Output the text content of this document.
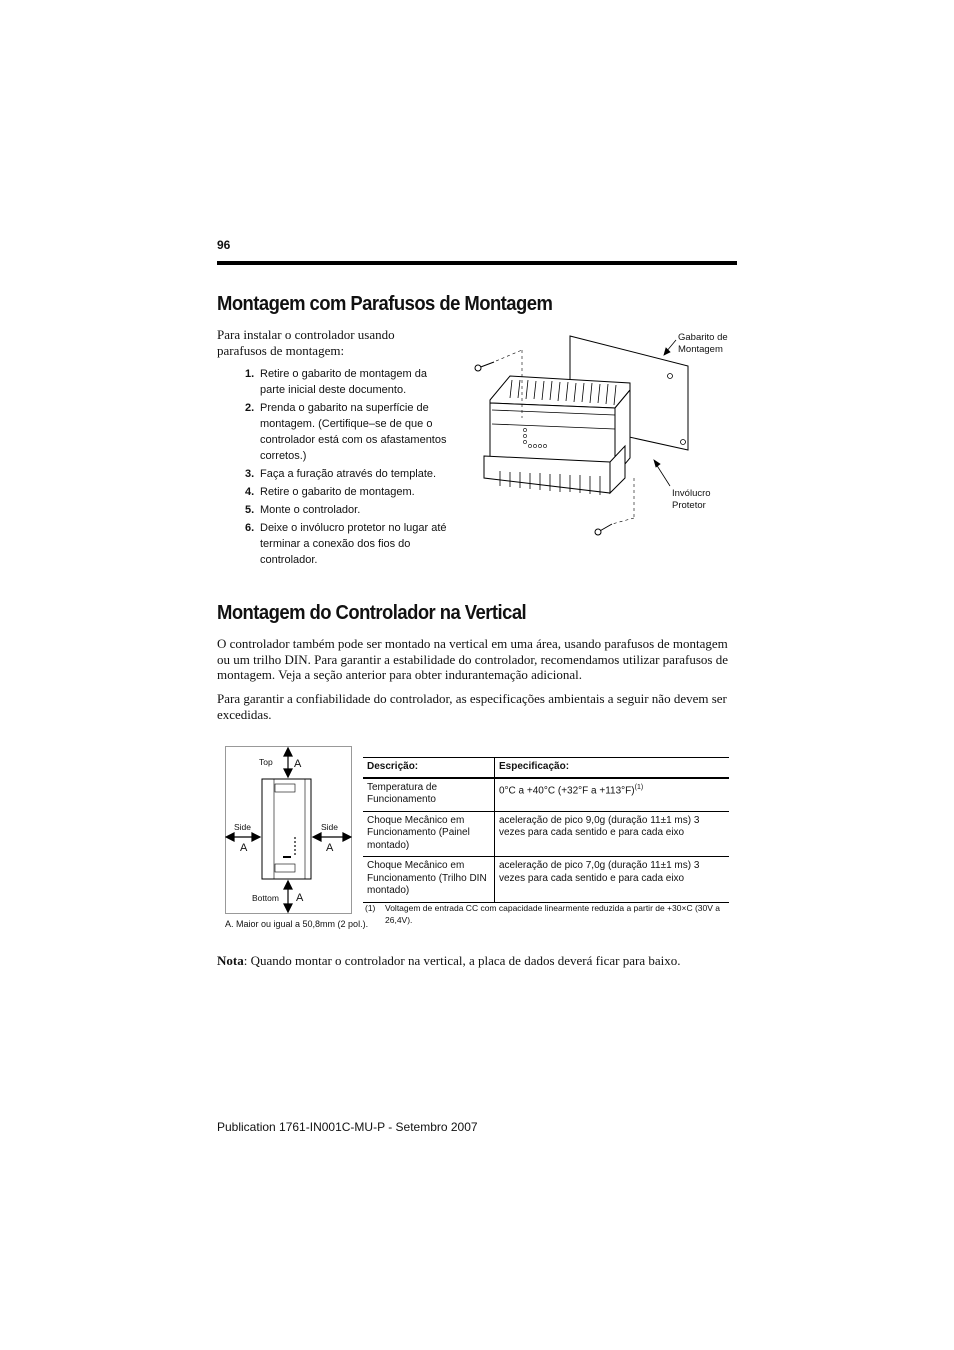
96
Montagem com Parafusos de Montagem
Para instalar o controlador usando parafusos de montagem:
1. Retire o gabarito de montagem da parte inicial deste documento.
2. Prenda o gabarito na superfície de montagem. (Certifique–se de que o controlador está com os afastamentos corretos.)
3. Faça a furação através do template.
4. Retire o gabarito de montagem.
5. Monte o controlador.
6. Deixe o invólucro protetor no lugar até terminar a conexão dos fios do controlador.
Gabarito de
Montagem
Invólucro
Protetor
Montagem do Controlador na Vertical
O controlador também pode ser montado na vertical em uma área, usando parafusos de montagem ou um trilho DIN. Para garantir a estabilidade do controlador, recomendamos utilizar parafusos de montagem. Veja a seção anterior para obter indurantemação adicional.
Para garantir a confiabilidade do controlador, as especificações ambientais a seguir não devem ser excedidas.
Top A
Side	Side
A	A
Bottom A
A. Maior ou igual a 50,8mm (2 pol.).
Descrição:	Especificação:
Temperatura de Funcionamento	0°C a +40°C (+32°F a +113°F)$^{(1)}$
Choque Mecânico em Funcionamento (Painel montado)	aceleração de pico 9,0g (duração 11±1 ms) 3 vezes para cada sentido e para cada eixo
Choque Mecânico em Funcionamento (Trilho DIN montado)	aceleração de pico 7,0g (duração 11±1 ms) 3 vezes para cada sentido e para cada eixo
(1)	Voltagem de entrada CC com capacidade linearmente reduzida a partir de +30×C (30V a 26,4V).
Nota: Quando montar o controlador na vertical, a placa de dados deverá ficar para baixo.
Publication 1761-IN001C-MU-P - Setembro 2007
